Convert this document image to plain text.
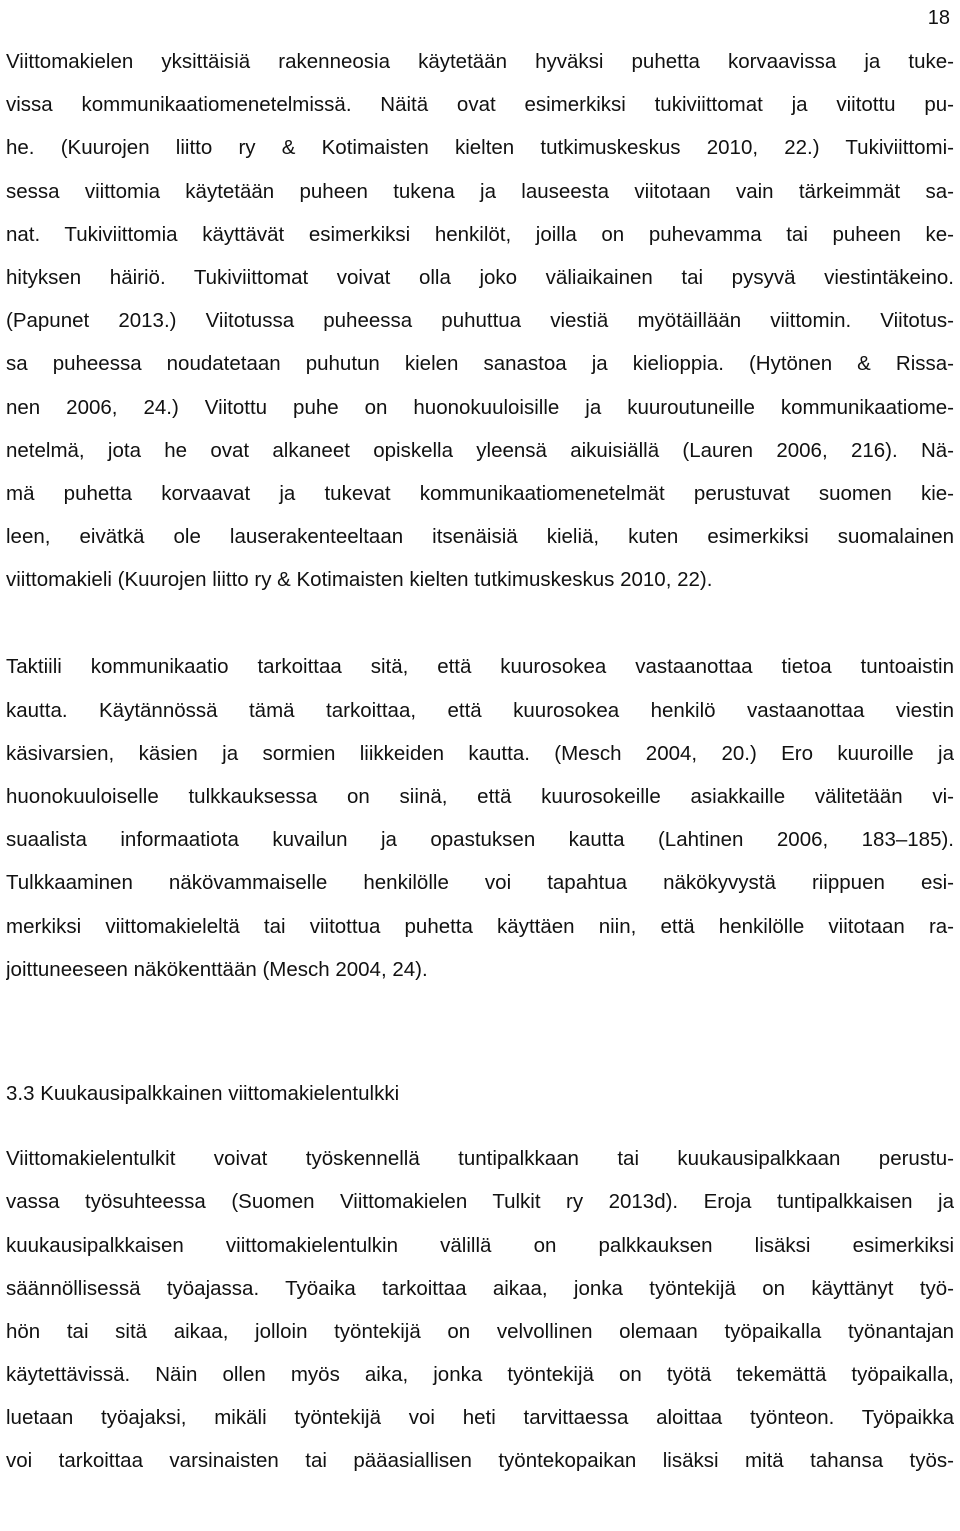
18

Viittomakielen yksittäisiä rakenneosia käytetään hyväksi puhetta korvaavissa ja tuke-
vissa kommunikaatiomenetelmissä. Näitä ovat esimerkiksi tukiviittomat ja viitottu pu-
he. (Kuurojen liitto ry & Kotimaisten kielten tutkimuskeskus 2010, 22.) Tukiviittomi-
sessa viittomia käytetään puheen tukena ja lauseesta viitotaan vain tärkeimmät sa-
nat. Tukiviittomia käyttävät esimerkiksi henkilöt, joilla on puhevamma tai puheen ke-
hityksen häiriö. Tukiviittomat voivat olla joko väliaikainen tai pysyvä viestintäkeino.
(Papunet 2013.) Viitotussa puheessa puhuttua viestiä myötäillään viittomin. Viitotus-
sa puheessa noudatetaan puhutun kielen sanastoa ja kielioppia. (Hytönen & Rissa-
nen 2006, 24.) Viitottu puhe on huonokuuloisille ja kuuroutuneille kommunikaatiome-
netelmä, jota he ovat alkaneet opiskella yleensä aikuisiällä (Lauren 2006, 216). Nä-
mä puhetta korvaavat ja tukevat kommunikaatiomenetelmät perustuvat suomen kie-
leen, eivätkä ole lauserakenteeltaan itsenäisiä kieliä, kuten esimerkiksi suomalainen
viittomakieli (Kuurojen liitto ry & Kotimaisten kielten tutkimuskeskus 2010, 22).

Taktiili kommunikaatio tarkoittaa sitä, että kuurosokea vastaanottaa tietoa tuntoaistin
kautta. Käytännössä tämä tarkoittaa, että kuurosokea henkilö vastaanottaa viestin
käsivarsien, käsien ja sormien liikkeiden kautta. (Mesch 2004, 20.) Ero kuuroille ja
huonokuuloiselle tulkkauksessa on siinä, että kuurosokeille asiakkaille välitetään vi-
suaalista informaatiota kuvailun ja opastuksen kautta (Lahtinen 2006, 183–185).
Tulkkaaminen näkövammaiselle henkilölle voi tapahtua näkökyvystä riippuen esi-
merkiksi viittomakieleltä tai viitottua puhetta käyttäen niin, että henkilölle viitotaan ra-
joittuneeseen näkökenttään (Mesch 2004, 24).

3.3 Kuukausipalkkainen viittomakielentulkki

Viittomakielentulkit voivat työskennellä tuntipalkkaan tai kuukausipalkkaan perustu-
vassa työsuhteessa (Suomen Viittomakielen Tulkit ry 2013d). Eroja tuntipalkkaisen ja
kuukausipalkkaisen viittomakielentulkin välillä on palkkauksen lisäksi esimerkiksi
säännöllisessä työajassa. Työaika tarkoittaa aikaa, jonka työntekijä on käyttänyt työ-
hön tai sitä aikaa, jolloin työntekijä on velvollinen olemaan työpaikalla työnantajan
käytettävissä. Näin ollen myös aika, jonka työntekijä on työtä tekemättä työpaikalla,
luetaan työajaksi, mikäli työntekijä voi heti tarvittaessa aloittaa työnteon. Työpaikka
voi tarkoittaa varsinaisten tai pääasiallisen työntekopaikan lisäksi mitä tahansa työs-
